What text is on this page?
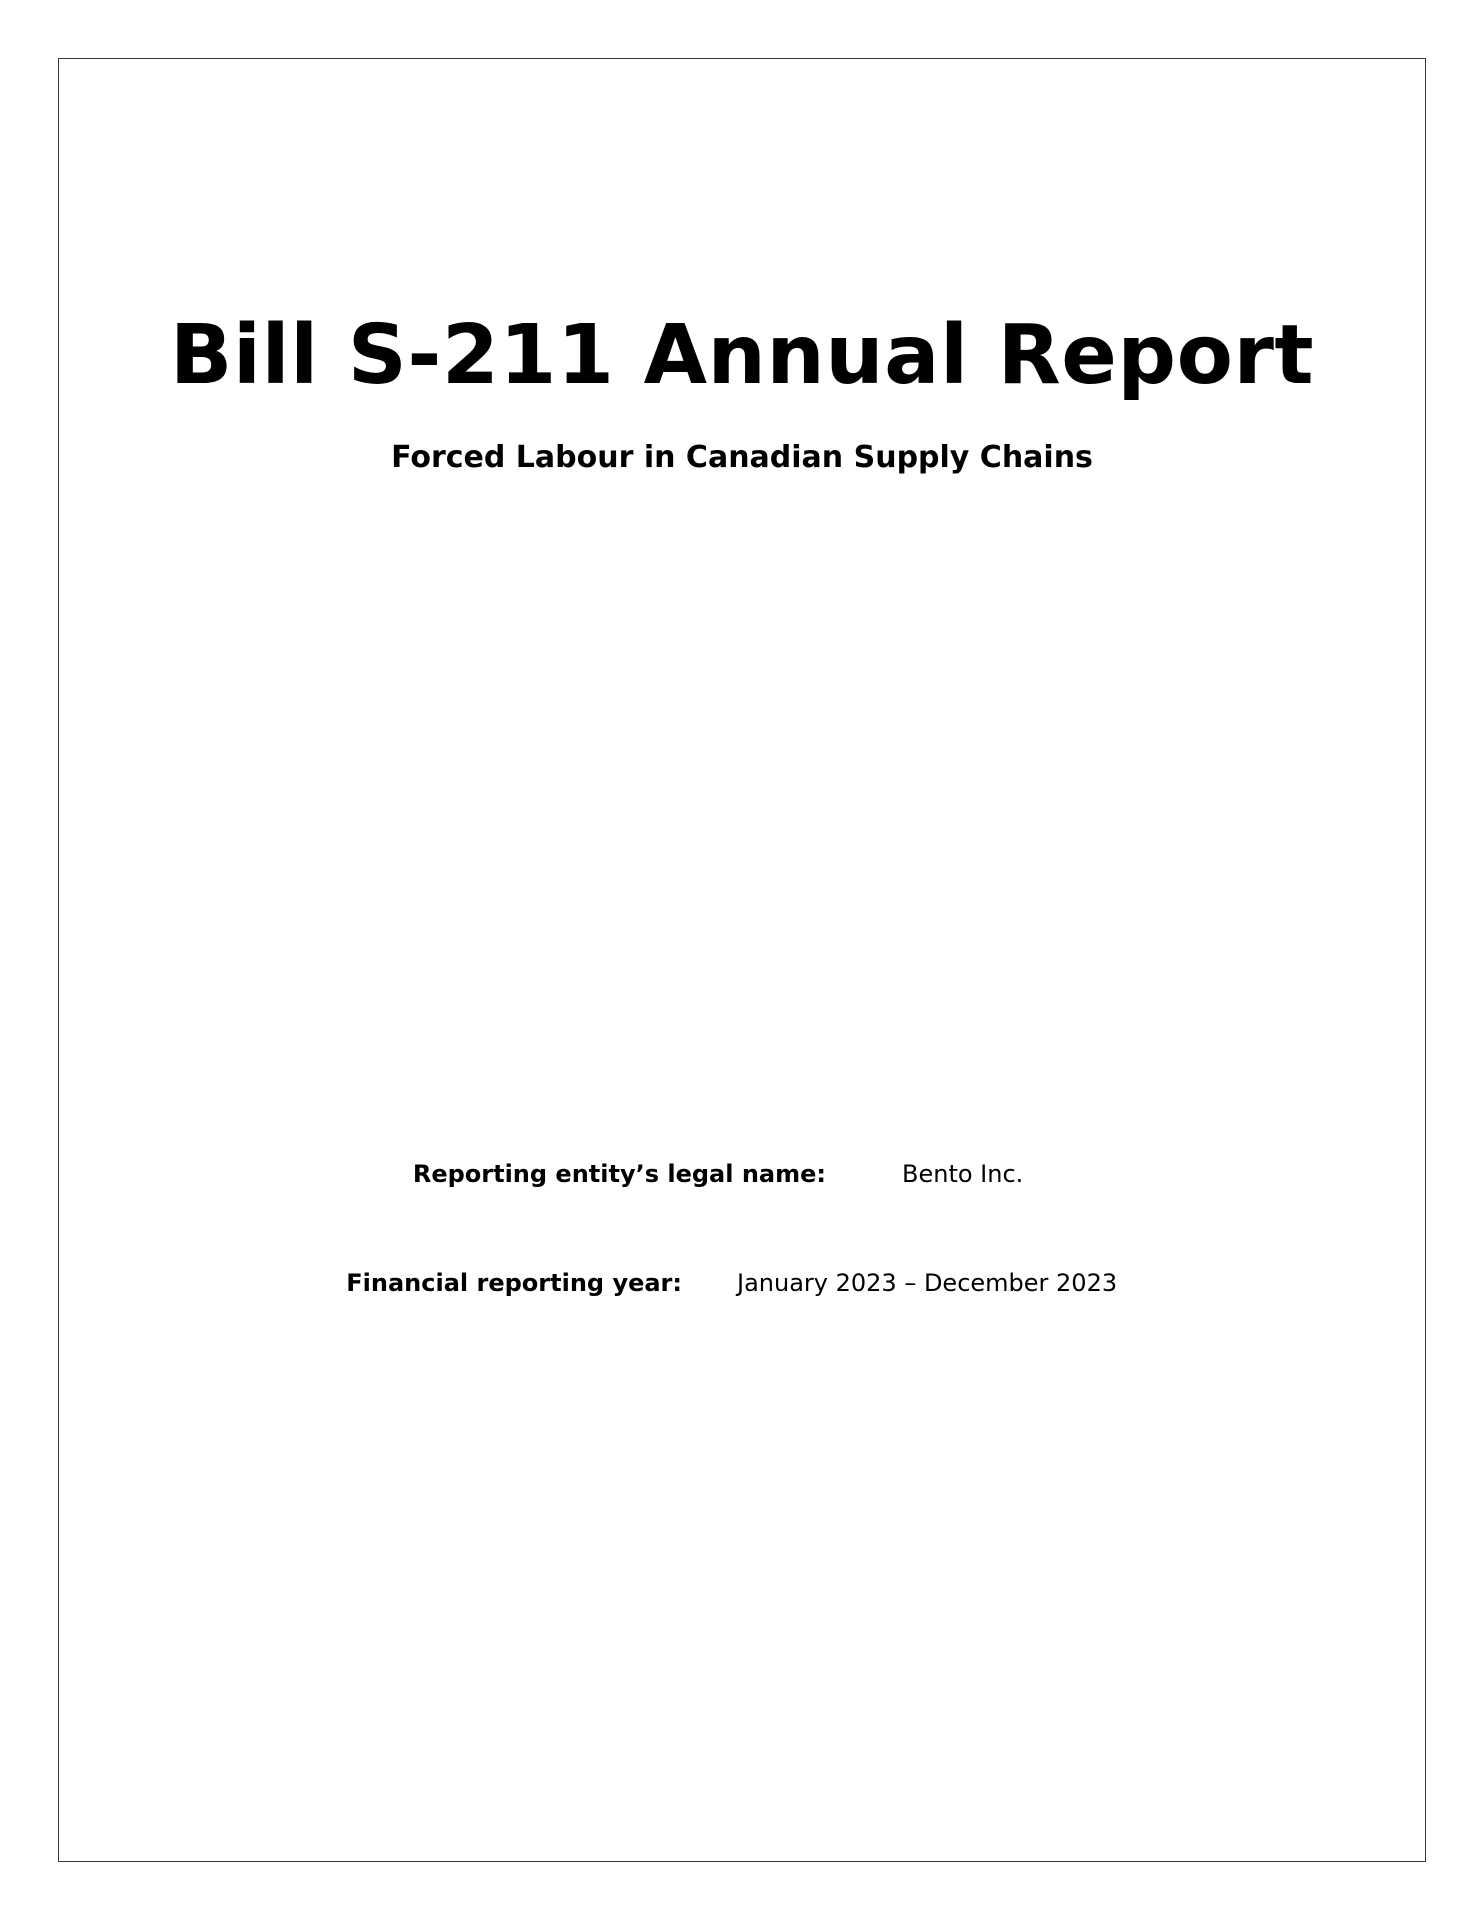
Bill S-211 Annual Report
Forced Labour in Canadian Supply Chains
Reporting entity’s legal name:	Bento Inc.
Financial reporting year: January 2023 – December 2023
